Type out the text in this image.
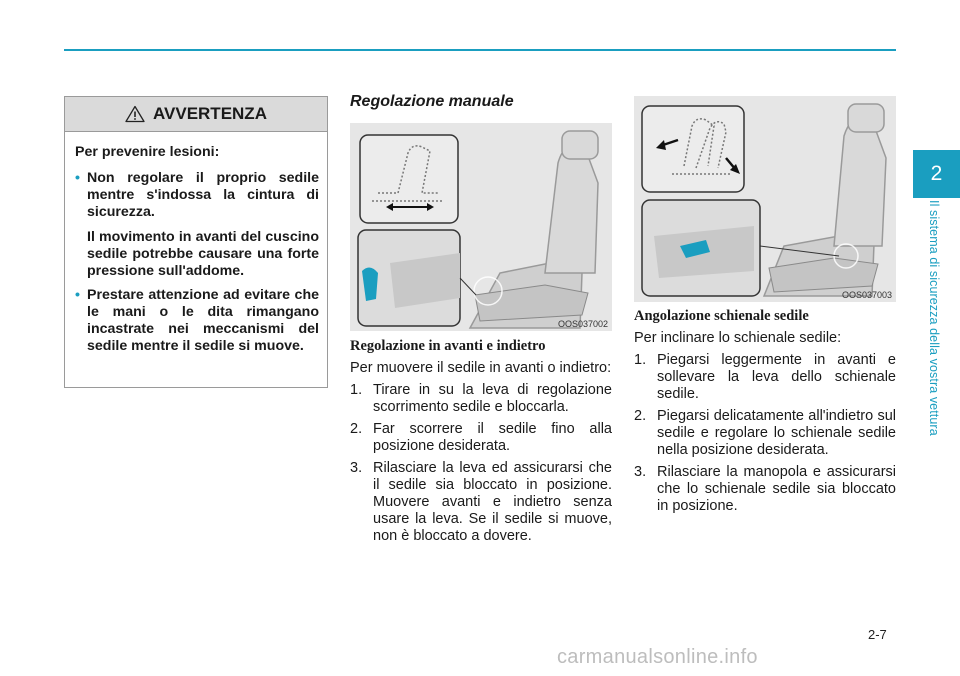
2
Il sistema di sicurezza della vostra vettura
AVVERTENZA
Per prevenire lesioni:
• Non regolare il proprio sedile mentre s'indossa la cintura di sicurezza.

Il movimento in avanti del cuscino sedile potrebbe causare una forte pressione sull'addome.

• Prestare attenzione ad evitare che le mani o le dita rimangano incastrate nei meccanismi del sedile mentre il sedile si muove.

Regolazione manuale
OOS037002
OOS037003
Regolazione in avanti e indietro

Per muovere il sedile in avanti o indietro:

1. Tirare in su la leva di regolazione scorrimento sedile e bloccarla.
2. Far scorrere il sedile fino alla posizione desiderata.
3. Rilasciare la leva ed assicurarsi che il sedile sia bloccato in posizione. Muovere avanti e indietro senza usare la leva. Se il sedile si muove, non è bloccato a dovere.
Angolazione schienale sedile

Per inclinare lo schienale sedile:

1. Piegarsi leggermente in avanti e sollevare la leva dello schienale sedile.
2. Piegarsi delicatamente all'indietro sul sedile e regolare lo schienale sedile nella posizione desiderata.
3. Rilasciare la manopola e assicurarsi che lo schienale sedile sia bloccato in posizione.
2-7
carmanualsonline.info
